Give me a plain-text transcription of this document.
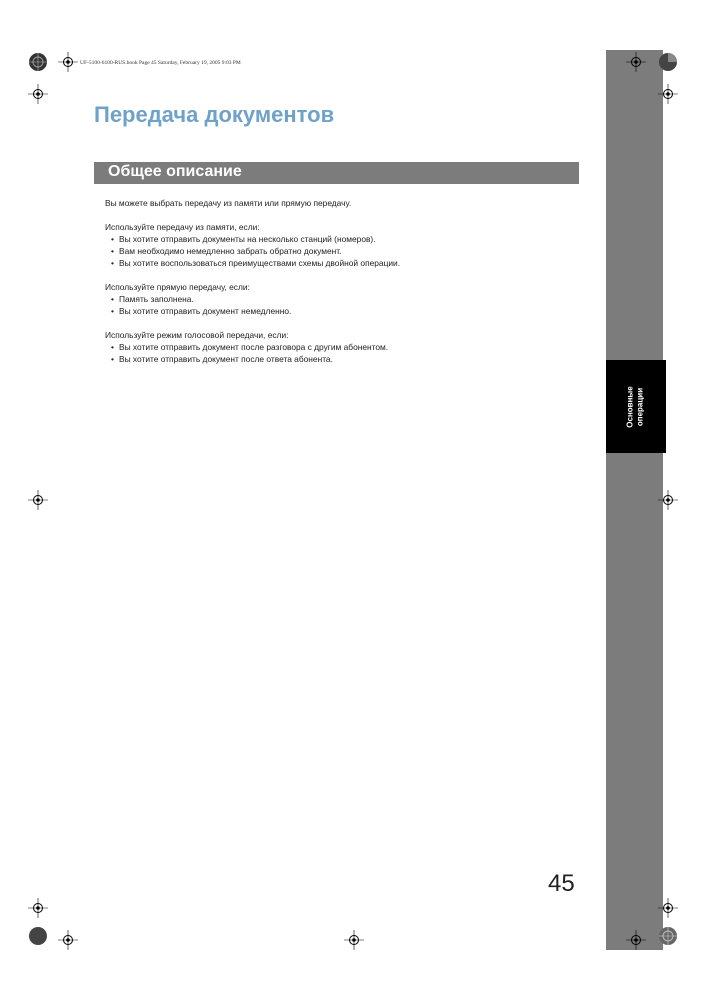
UF-5100-6100-RUS.book Page 45 Saturday, February 19, 2005 9:03 PM
Основные
операции
Передача документов
Общее описание

Вы можете выбрать передачу из памяти или прямую передачу.

Используйте передачу из памяти, если:

• Вы хотите отправить документы на несколько станций (номеров).

• Вам необходимо немедленно забрать обратно документ.

• Вы хотите воспользоваться преимуществами схемы двойной операции.

Используйте прямую передачу, если:

• Память заполнена.

• Вы хотите отправить документ немедленно.

Используйте режим голосовой передачи, если:

• Вы хотите отправить документ после разговора с другим абонентом.

• Вы хотите отправить документ после ответа абонента.

45
